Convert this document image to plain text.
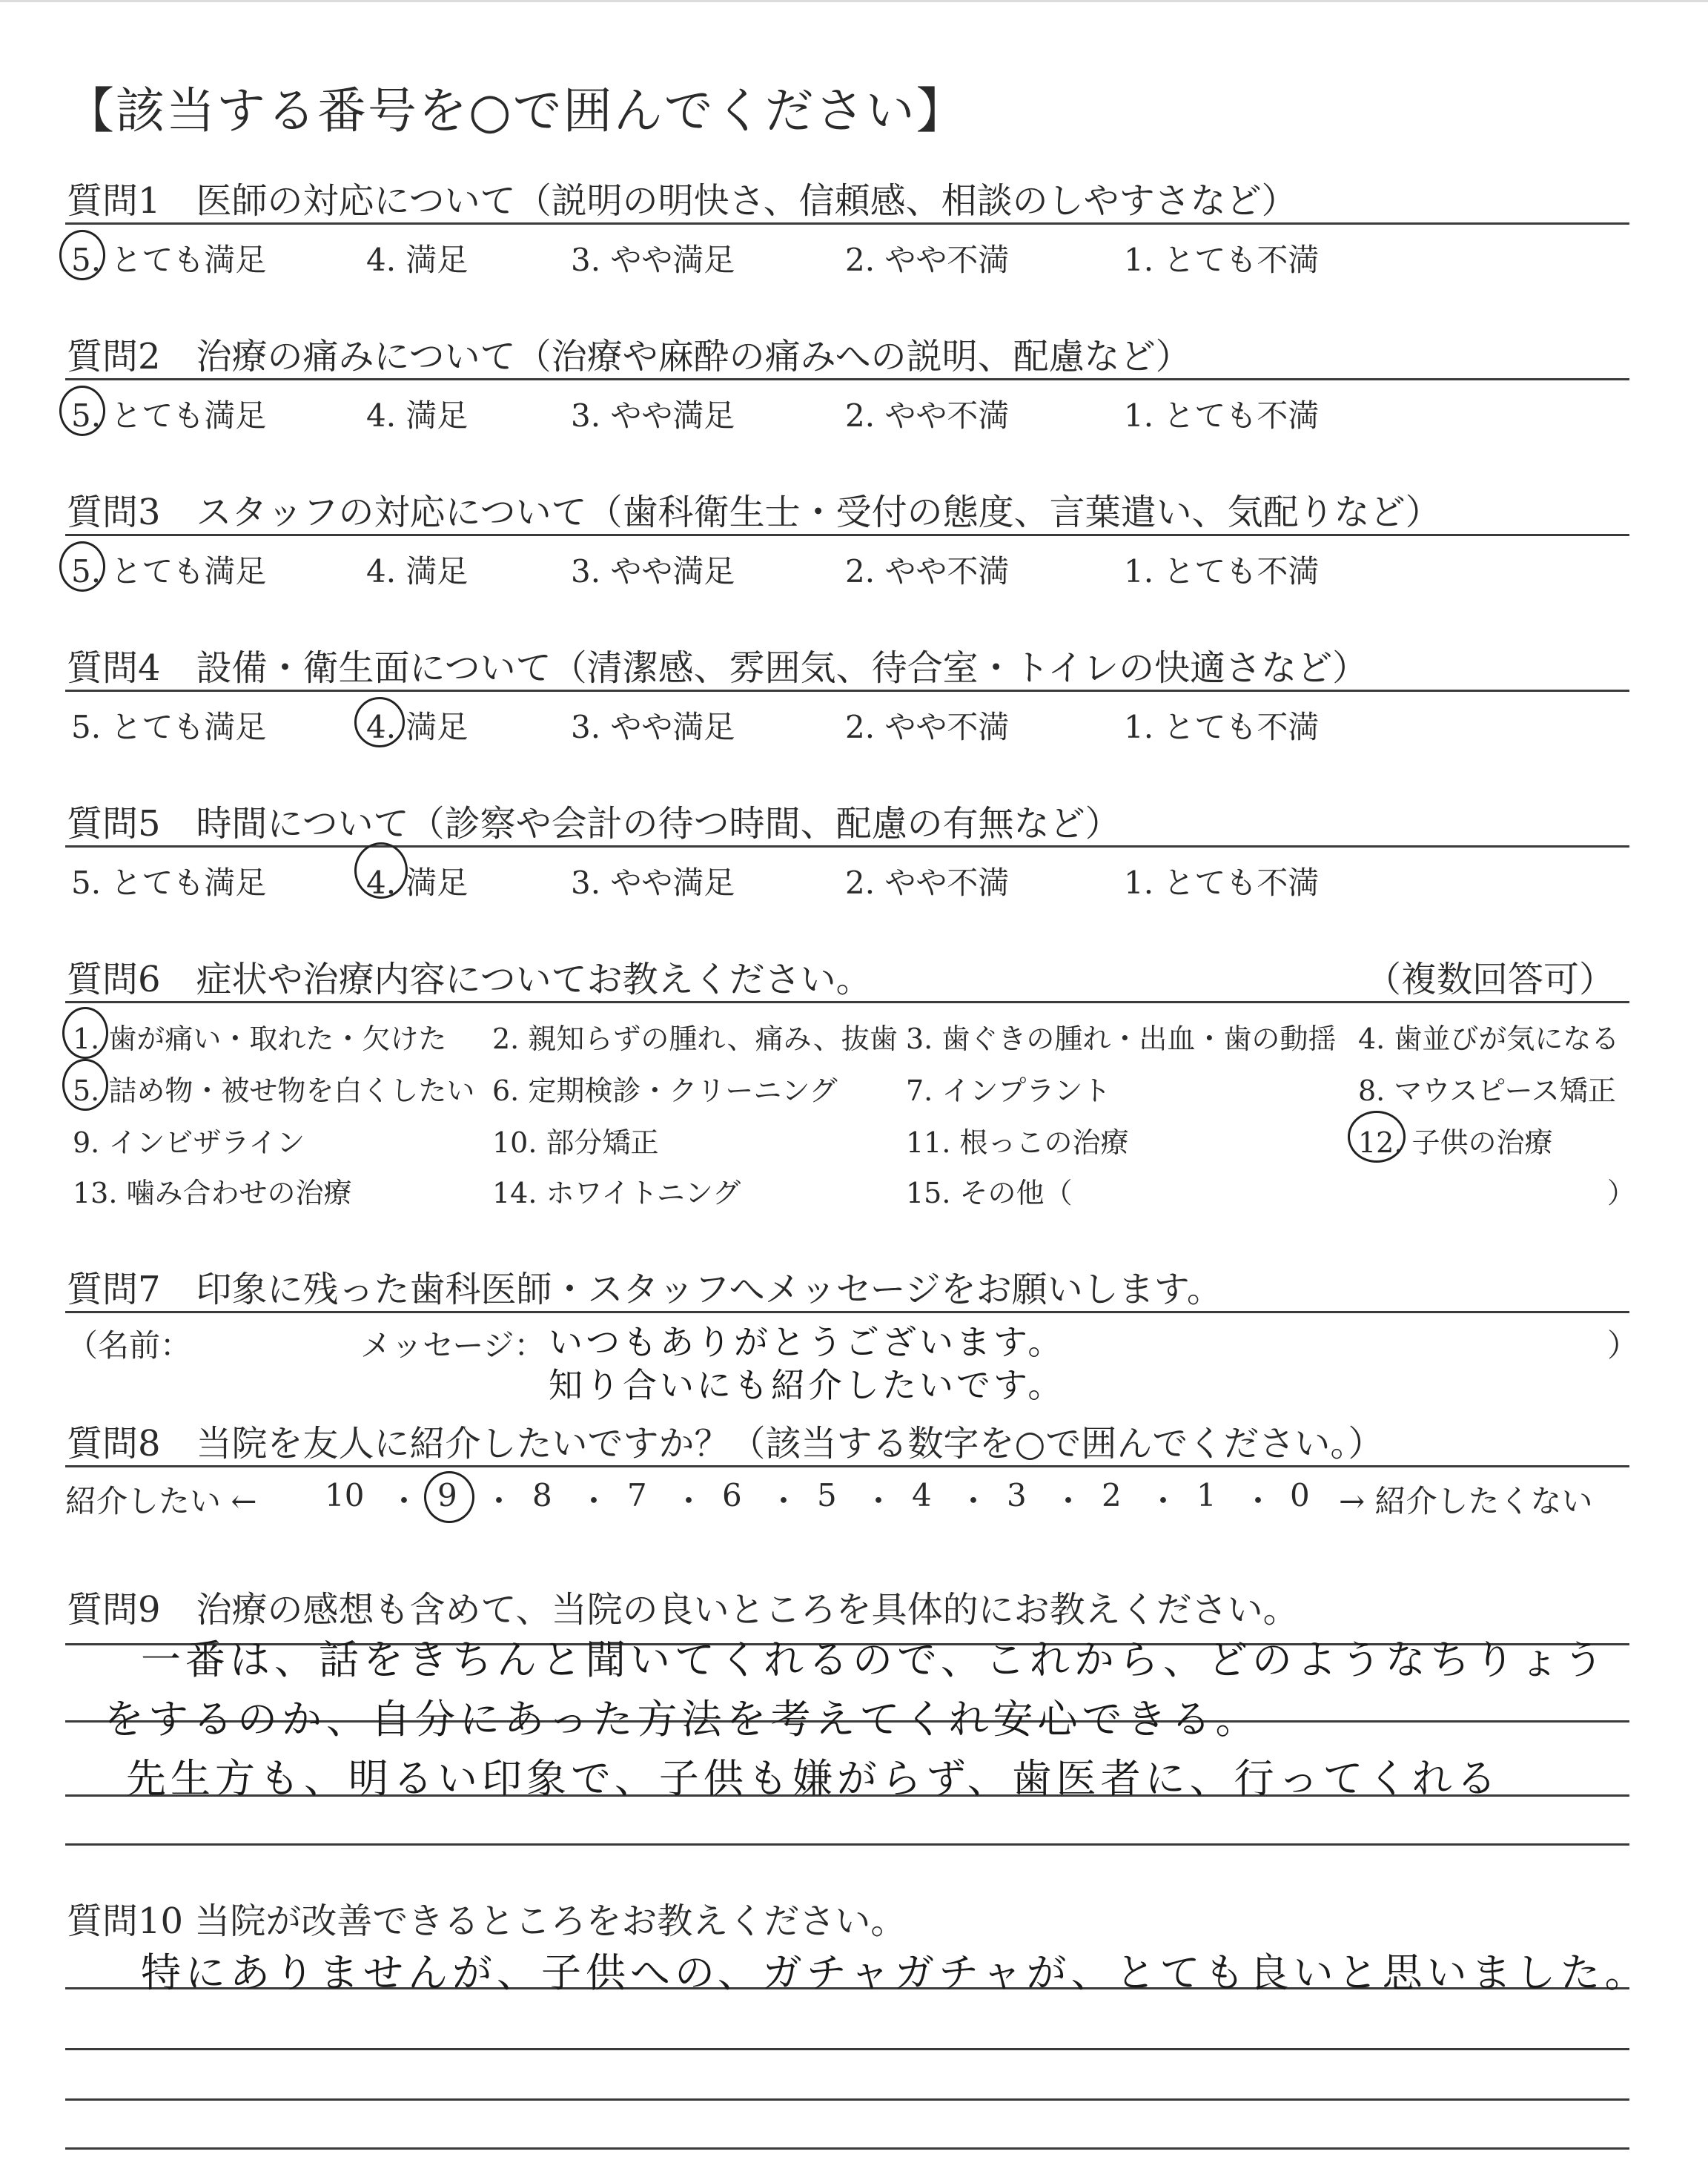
【該当する番号を○で囲んでください】
質問1　医師の対応について（説明の明快さ、信頼感、相談のしやすさなど）
5. とても満足	4. 満足	3. やや満足	2. やや不満	1. とても不満
質問2　治療の痛みについて（治療や麻酔の痛みへの説明、配慮など）
5. とても満足	4. 満足	3. やや満足	2. やや不満	1. とても不満
質問3　スタッフの対応について（歯科衛生士・受付の態度、言葉遣い、気配りなど）
5. とても満足	4. 満足	3. やや満足	2. やや不満	1. とても不満
質問4　設備・衛生面について（清潔感、雰囲気、待合室・トイレの快適さなど）
5. とても満足	4. 満足	3. やや満足	2. やや不満	1. とても不満
質問5　時間について（診察や会計の待つ時間、配慮の有無など）
5. とても満足	4. 満足	3. やや満足	2. やや不満	1. とても不満
質問6　症状や治療内容についてお教えください。	（複数回答可）
1. 歯が痛い・取れた・欠けた 2. 親知らずの腫れ、痛み、抜歯 3. 歯ぐきの腫れ・出血・歯の動揺 4. 歯並びが気になる
5. 詰め物・被せ物を白くしたい 6. 定期検診・クリーニング 7. インプラント	8. マウスピース矯正
9. インビザライン	10. 部分矯正	11. 根っこの治療	12. 子供の治療
13. 噛み合わせの治療	14. ホワイトニング	15. その他（	）
質問7　印象に残った歯科医師・スタッフへメッセージをお願いします。
（名前：	メッセージ：	）
いつもありがとうございます。
知り合いにも紹介したいです。
質問8　当院を友人に紹介したいですか？（該当する数字を○で囲んでください。）
紹介したい ←	→ 紹介したくない
10 ・ 9 ・ 8 ・ 7 ・ 6 ・ 5 ・ 4 ・ 3 ・ 2 ・ 1 ・ 0
質問9　治療の感想も含めて、当院の良いところを具体的にお教えください。
一番は、話をきちんと聞いてくれるので、これから、どのようなちりょう
をするのか、自分にあった方法を考えてくれ安心できる。
先生方も、明るい印象で、子供も嫌がらず、歯医者に、行ってくれる
質問10 当院が改善できるところをお教えください。
特にありませんが、子供への、ガチャガチャが、とても良いと思いました。
